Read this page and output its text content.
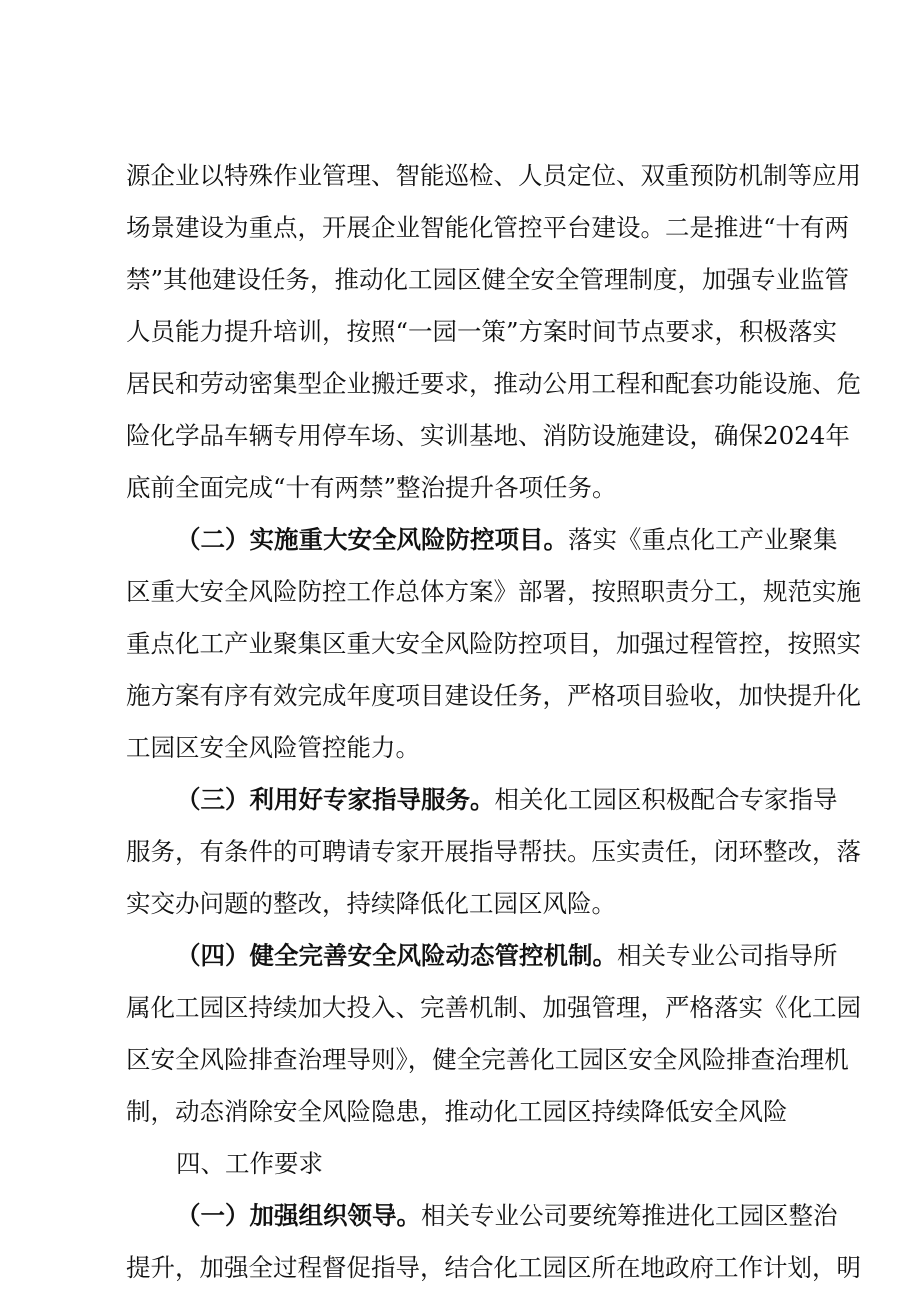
源企业以特殊作业管理、智能巡检、人员定位、双重预防机制等应用
场景建设为重点，开展企业智能化管控平台建设。二是推进“十有两
禁”其他建设任务，推动化工园区健全安全管理制度，加强专业监管
人员能力提升培训，按照“一园一策”方案时间节点要求，积极落实
居民和劳动密集型企业搬迁要求，推动公用工程和配套功能设施、危
险化学品车辆专用停车场、实训基地、消防设施建设，确保2024年
底前全面完成“十有两禁”整治提升各项任务。
（二）实施重大安全风险防控项目。落实《重点化工产业聚集
区重大安全风险防控工作总体方案》部署，按照职责分工，规范实施
重点化工产业聚集区重大安全风险防控项目，加强过程管控，按照实
施方案有序有效完成年度项目建设任务，严格项目验收，加快提升化
工园区安全风险管控能力。
（三）利用好专家指导服务。相关化工园区积极配合专家指导
服务，有条件的可聘请专家开展指导帮扶。压实责任，闭环整改，落
实交办问题的整改，持续降低化工园区风险。
（四）健全完善安全风险动态管控机制。相关专业公司指导所
属化工园区持续加大投入、完善机制、加强管理，严格落实《化工园
区安全风险排查治理导则》，健全完善化工园区安全风险排查治理机
制，动态消除安全风险隐患，推动化工园区持续降低安全风险
四、工作要求
（一）加强组织领导。相关专业公司要统筹推进化工园区整治
提升，加强全过程督促指导，结合化工园区所在地政府工作计划，明
